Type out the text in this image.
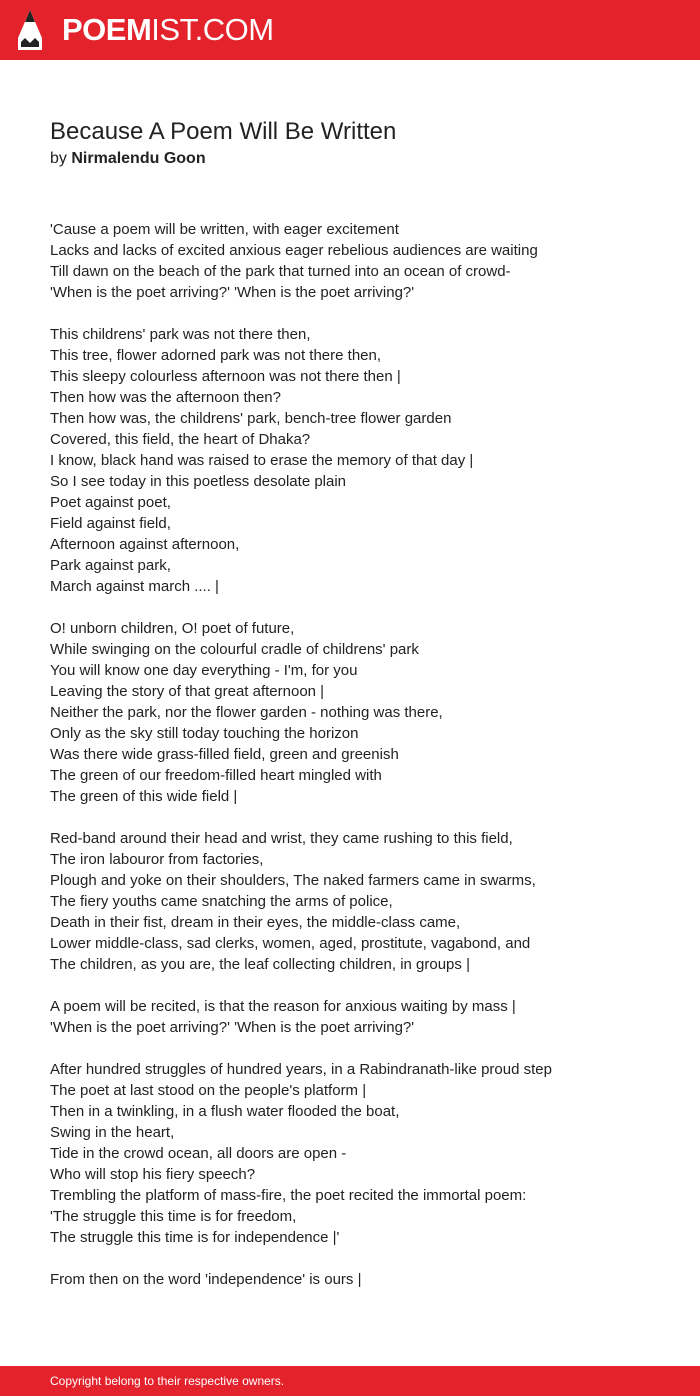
POEMIST.COM
Because A Poem Will Be Written
by Nirmalendu Goon
'Cause a poem will be written, with eager excitement
Lacks and lacks of excited anxious eager rebelious audiences are waiting
Till dawn on the beach of the park that turned into an ocean of crowd-
'When is the poet arriving?' 'When is the poet arriving?'
This childrens' park was not there then,
This tree, flower adorned park was not there then,
This sleepy colourless afternoon was not there then |
Then how was the afternoon then?
Then how was, the childrens' park, bench-tree flower garden
Covered, this field, the heart of Dhaka?
I know, black hand was raised to erase the memory of that day |
So I see today in this poetless desolate plain
Poet against poet,
Field against field,
Afternoon against afternoon,
Park against park,
March against march .... |
O! unborn children, O! poet of future,
While swinging on the colourful cradle of childrens' park
You will know one day everything - I'm, for you
Leaving the story of that great afternoon |
Neither the park, nor the flower garden - nothing was there,
Only as the sky still today touching the horizon
Was there wide grass-filled field, green and greenish
The green of our freedom-filled heart mingled with
The green of this wide field |
Red-band around their head and wrist, they came rushing to this field,
The iron labouror from factories,
Plough and yoke on their shoulders, The naked farmers came in swarms,
The fiery youths came snatching the arms of police,
Death in their fist, dream in their eyes, the middle-class came,
Lower middle-class, sad clerks, women, aged, prostitute, vagabond, and
The children, as you are, the leaf collecting children, in groups |
A poem will be recited, is that the reason for anxious waiting by mass |
'When is the poet arriving?' 'When is the poet arriving?'
After hundred struggles of hundred years, in a Rabindranath-like proud step
The poet at last stood on the people's platform |
Then in a twinkling, in a flush water flooded the boat,
Swing in the heart,
Tide in the crowd ocean, all doors are open -
Who will stop his fiery speech?
Trembling the platform of mass-fire, the poet recited the immortal poem:
'The struggle this time is for freedom,
The struggle this time is for independence |'
From then on the word 'independence' is ours |
Copyright belong to their respective owners.
